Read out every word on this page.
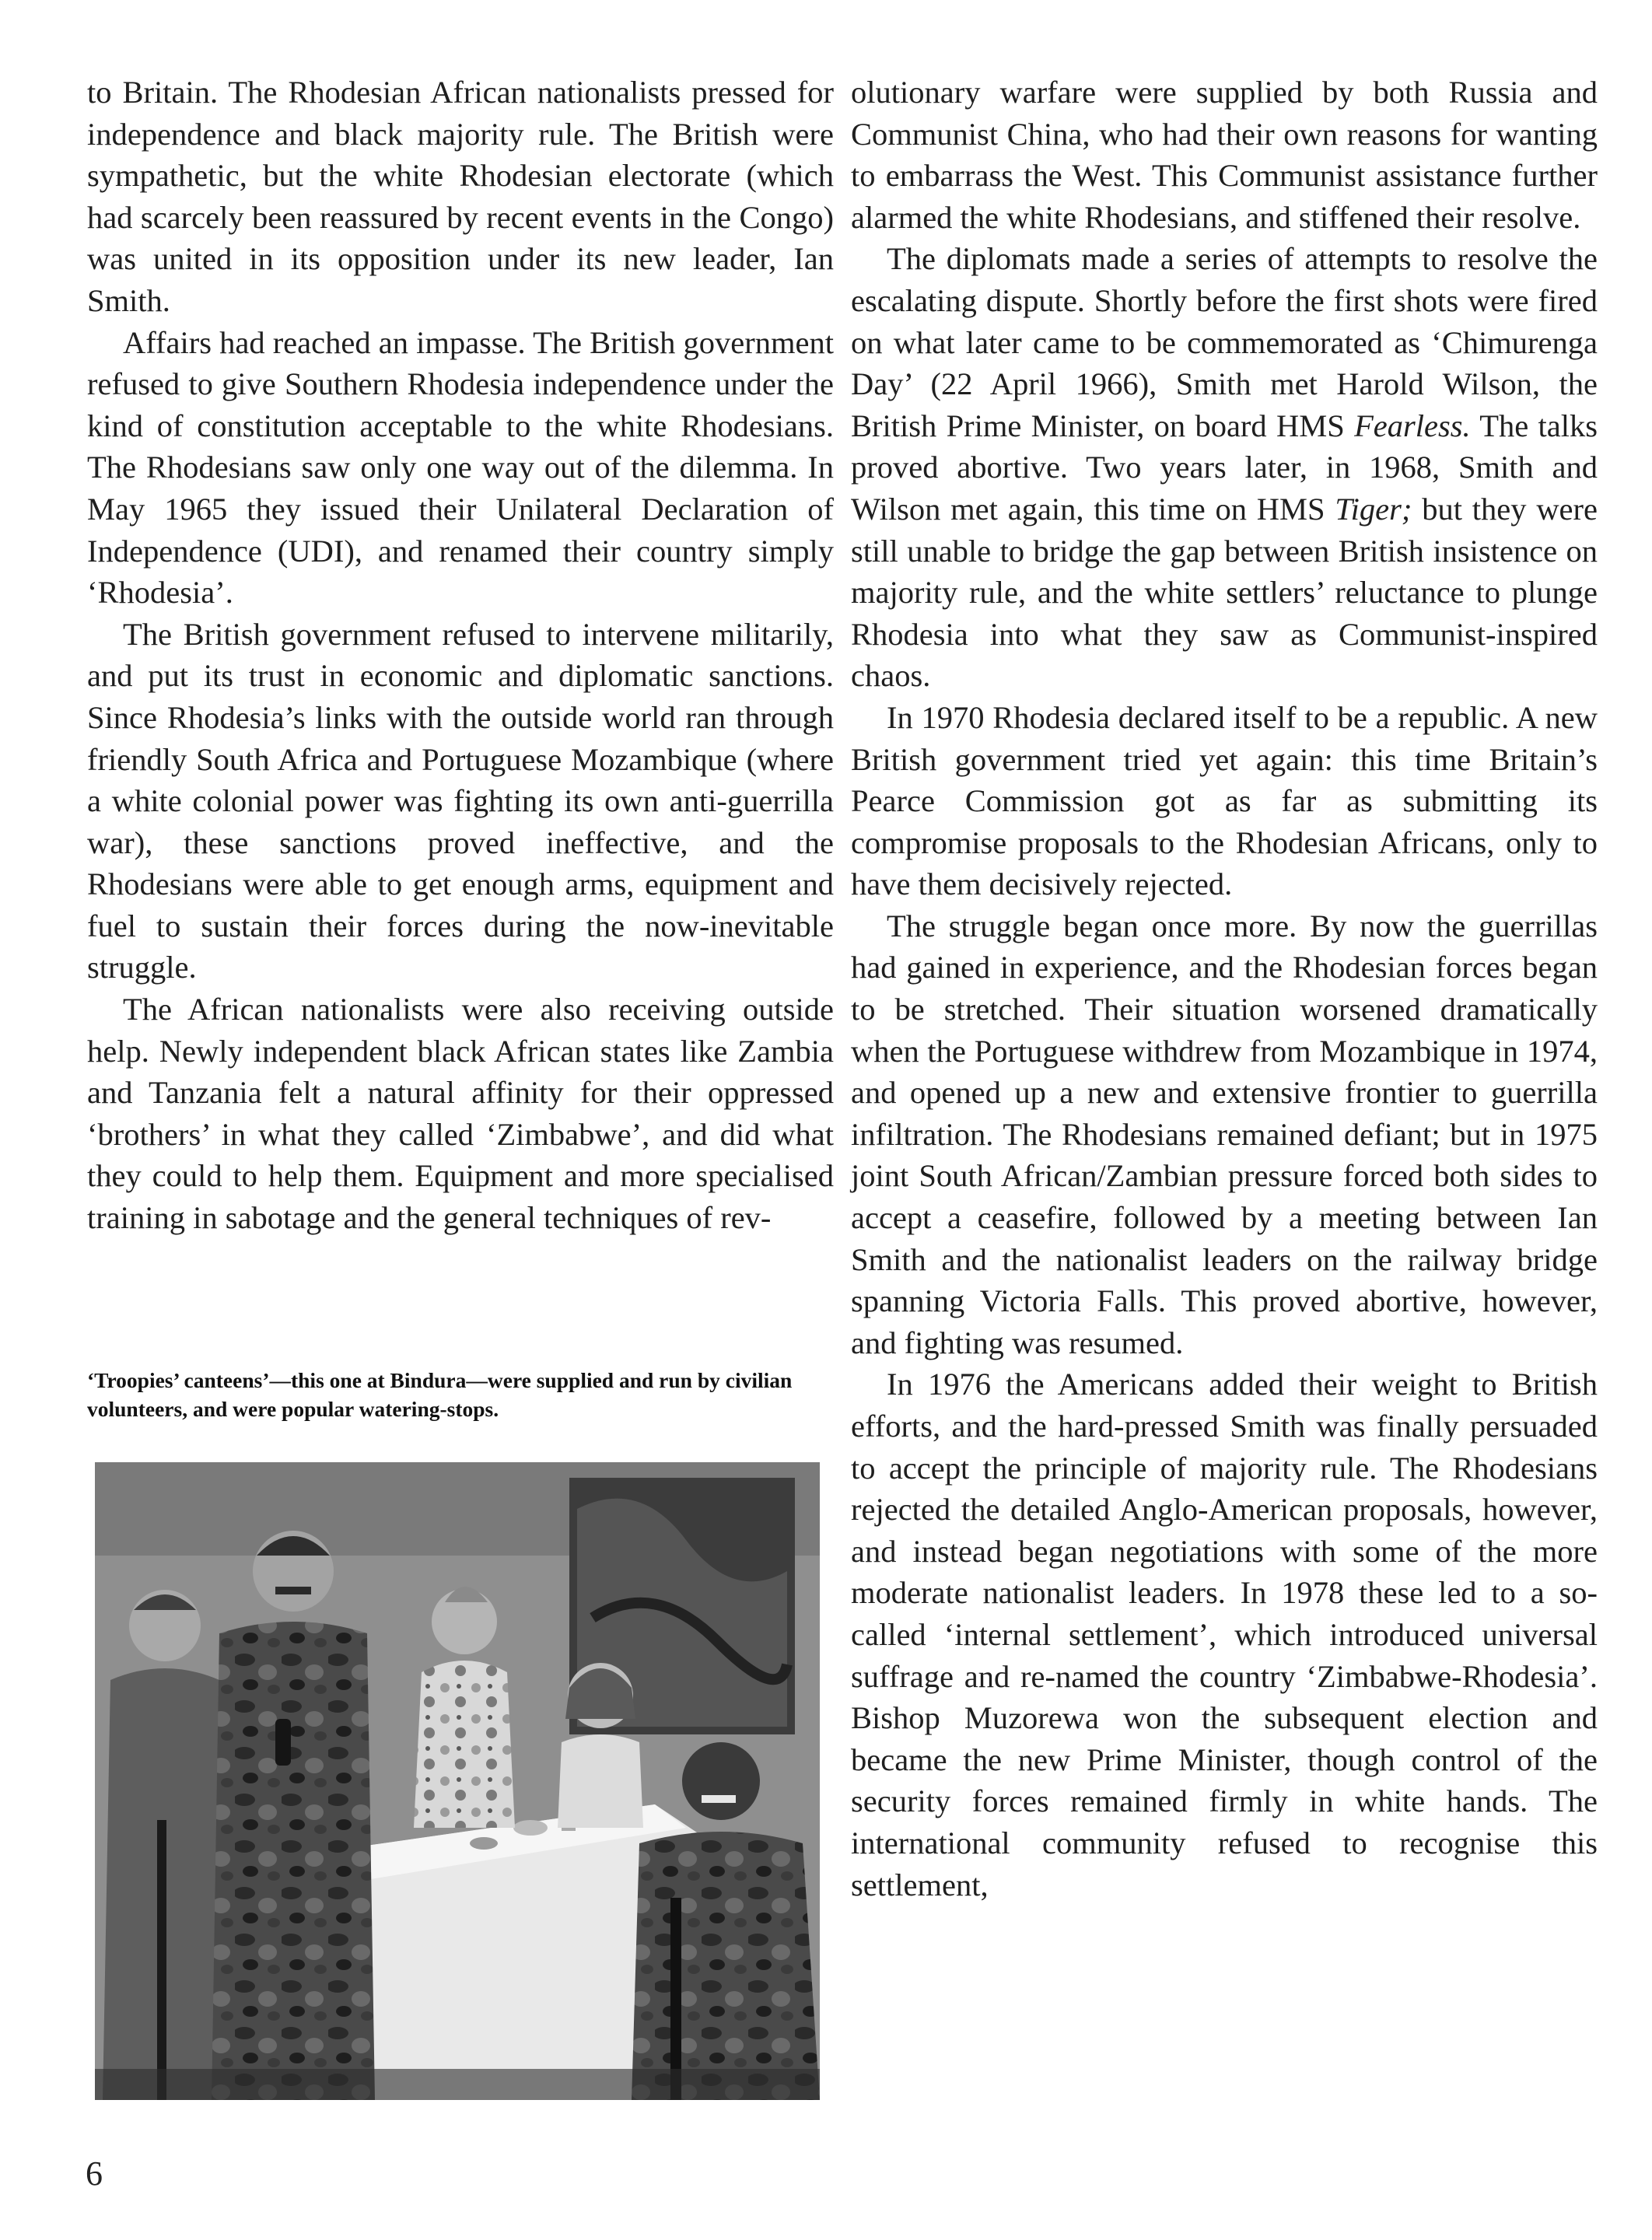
to Britain. The Rhodesian African nationalists pressed for independence and black majority rule. The British were sympathetic, but the white Rhodesian electorate (which had scarcely been reassured by recent events in the Congo) was united in its opposition under its new leader, Ian Smith.

Affairs had reached an impasse. The British government refused to give Southern Rhodesia independence under the kind of constitution acceptable to the white Rhodesians. The Rhodesians saw only one way out of the dilemma. In May 1965 they issued their Unilateral Declaration of Independence (UDI), and renamed their country simply ‘Rhodesia’.

The British government refused to intervene militarily, and put its trust in economic and diplomatic sanctions. Since Rhodesia’s links with the outside world ran through friendly South Africa and Portuguese Mozambique (where a white colonial power was fighting its own anti-guerrilla war), these sanctions proved ineffective, and the Rhodesians were able to get enough arms, equipment and fuel to sustain their forces during the now-inevitable struggle.

The African nationalists were also receiving outside help. Newly independent black African states like Zambia and Tanzania felt a natural affinity for their oppressed ‘brothers’ in what they called ‘Zimbabwe’, and did what they could to help them. Equipment and more specialised training in sabotage and the general techniques of rev-

‘Troopies’ canteens’—this one at Bindura—were supplied and run by civilian volunteers, and were popular watering-stops.

olutionary warfare were supplied by both Russia and Communist China, who had their own reasons for wanting to embarrass the West. This Communist assistance further alarmed the white Rhodesians, and stiffened their resolve.

The diplomats made a series of attempts to resolve the escalating dispute. Shortly before the first shots were fired on what later came to be commemorated as ‘Chimurenga Day’ (22 April 1966), Smith met Harold Wilson, the British Prime Minister, on board HMS Fearless. The talks proved abortive. Two years later, in 1968, Smith and Wilson met again, this time on HMS Tiger; but they were still unable to bridge the gap between British insistence on majority rule, and the white settlers’ reluctance to plunge Rhodesia into what they saw as Communist-inspired chaos.

In 1970 Rhodesia declared itself to be a republic. A new British government tried yet again: this time Britain’s Pearce Commission got as far as submitting its compromise proposals to the Rhodesian Africans, only to have them decisively rejected.

The struggle began once more. By now the guerrillas had gained in experience, and the Rhodesian forces began to be stretched. Their situation worsened dramatically when the Portuguese withdrew from Mozambique in 1974, and opened up a new and extensive frontier to guerrilla infiltration. The Rhodesians remained defiant; but in 1975 joint South African/Zambian pressure forced both sides to accept a ceasefire, followed by a meeting between Ian Smith and the nationalist leaders on the railway bridge spanning Victoria Falls. This proved abortive, however, and fighting was resumed.

In 1976 the Americans added their weight to British efforts, and the hard-pressed Smith was finally persuaded to accept the principle of majority rule. The Rhodesians rejected the detailed Anglo-American proposals, however, and instead began negotiations with some of the more moderate nationalist leaders. In 1978 these led to a so-called ‘internal settlement’, which introduced universal suffrage and re-named the country ‘Zimbabwe-Rhodesia’. Bishop Muzorewa won the subsequent election and became the new Prime Minister, though control of the security forces remained firmly in white hands. The international community refused to recognise this settlement,

6
